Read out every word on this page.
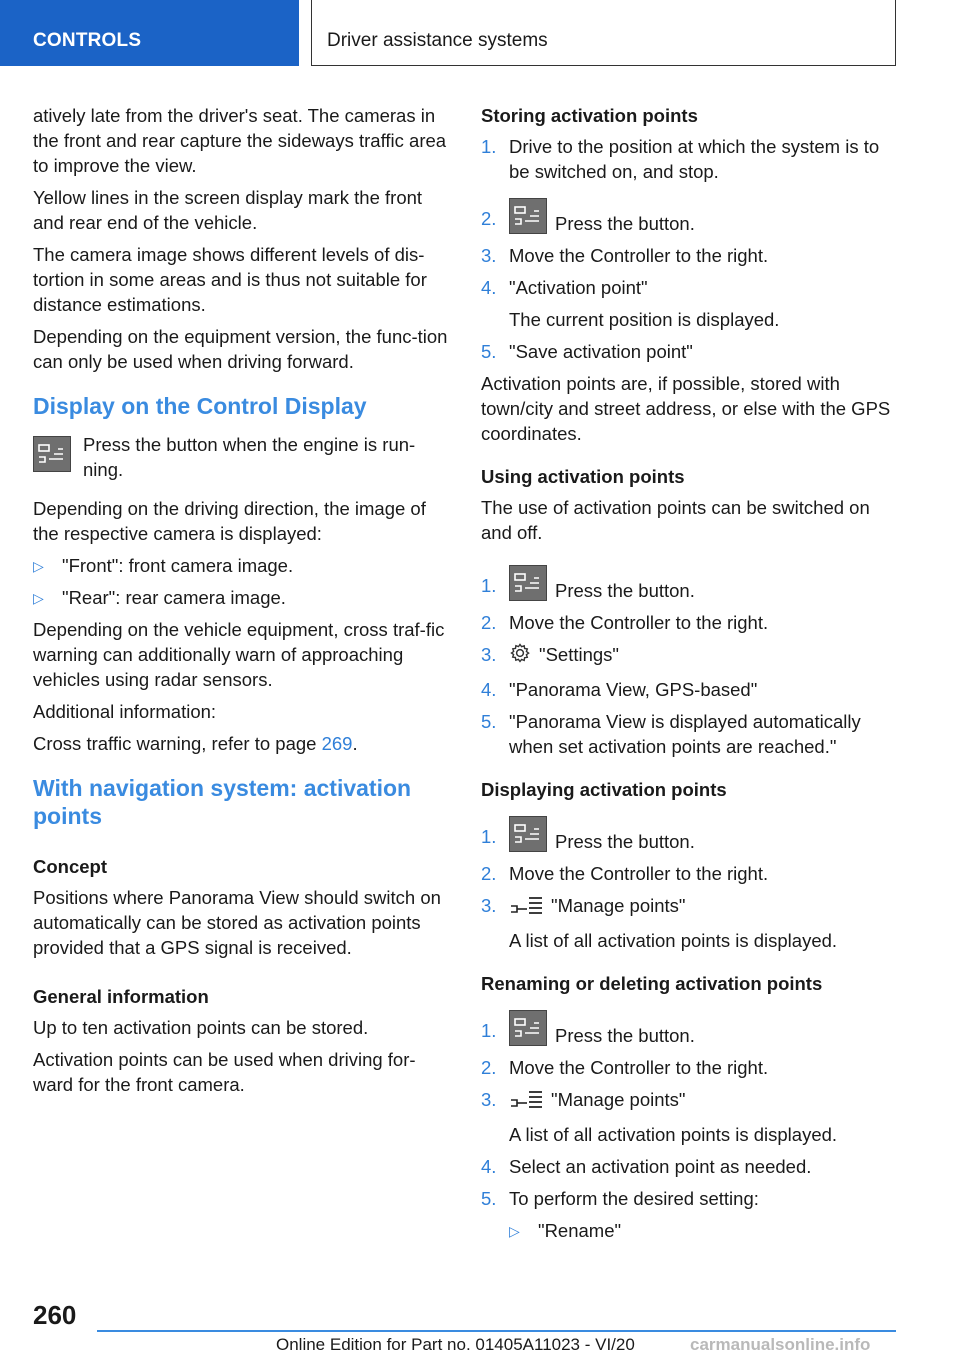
CONTROLS	Driver assistance systems

atively late from the driver's seat. The cameras in the front and rear capture the sideways traffic area to improve the view.

Yellow lines in the screen display mark the front and rear end of the vehicle.

The camera image shows different levels of dis-tortion in some areas and is thus not suitable for distance estimations.

Depending on the equipment version, the func-tion can only be used when driving forward.

Display on the Control Display
Press the button when the engine is run-ning.

Depending on the driving direction, the image of the respective camera is displayed:

▷ "Front": front camera image.
▷ "Rear": rear camera image.

Depending on the vehicle equipment, cross traf-fic warning can additionally warn of approaching vehicles using radar sensors.

Additional information:

Cross traffic warning, refer to page 269.

With navigation system: activation points
Concept

Positions where Panorama View should switch on automatically can be stored as activation points provided that a GPS signal is received.

General information

Up to ten activation points can be stored.

Activation points can be used when driving for-ward for the front camera.

Storing activation points
1. Drive to the position at which the system is to be switched on, and stop.
2.	Press the button.
3. Move the Controller to the right.
4. "Activation point"
The current position is displayed.
5. "Save activation point"

Activation points are, if possible, stored with town/city and street address, or else with the GPS coordinates.

Using activation points

The use of activation points can be switched on and off.

1.	Press the button.
2. Move the Controller to the right.
3. "Settings"
4. "Panorama View, GPS-based"
5. "Panorama View is displayed automatically when set activation points are reached."
Displaying activation points
1.	Press the button.
2. Move the Controller to the right.
3.	"Manage points"
A list of all activation points is displayed.
Renaming or deleting activation points
1.	Press the button.
2. Move the Controller to the right.
3.	"Manage points"
A list of all activation points is displayed.
4. Select an activation point as needed.
5. To perform the desired setting:
▷ "Rename"
260
Online Edition for Part no. 01405A11023 - VI/20	carmanualsonline.info
